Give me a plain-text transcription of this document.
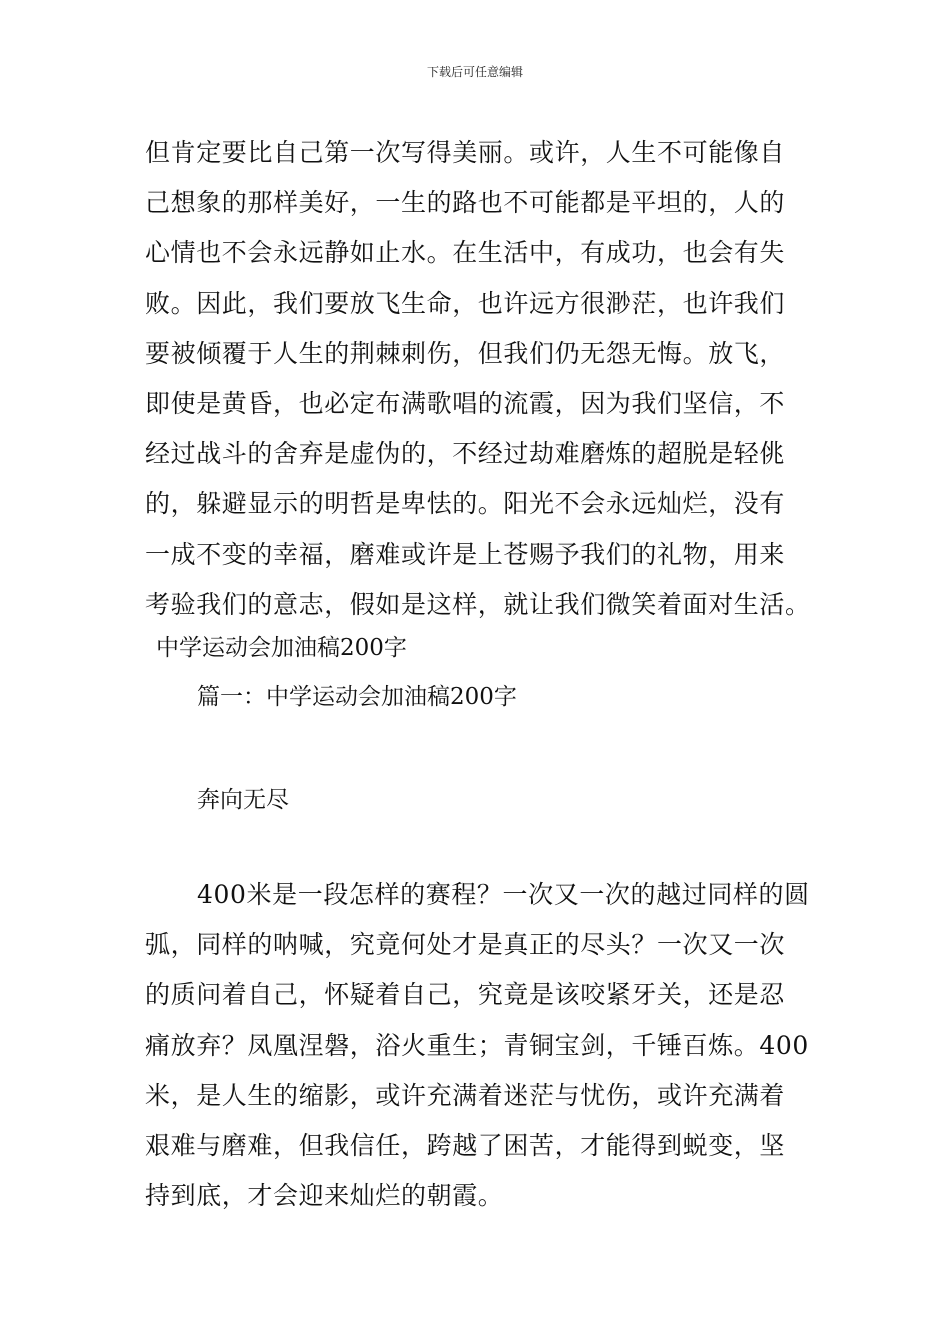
下载后可任意编辑
但肯定要比自己第一次写得美丽。或许，人生不可能像自
己想象的那样美好，一生的路也不可能都是平坦的，人的
心情也不会永远静如止水。在生活中，有成功，也会有失
败。因此，我们要放飞生命，也许远方很渺茫，也许我们
要被倾覆于人生的荆棘刺伤，但我们仍无怨无悔。放飞，
即使是黄昏，也必定布满歌唱的流霞，因为我们坚信，不
经过战斗的舍弃是虚伪的，不经过劫难磨炼的超脱是轻佻
的，躲避显示的明哲是卑怯的。阳光不会永远灿烂，没有
一成不变的幸福，磨难或许是上苍赐予我们的礼物，用来
考验我们的意志，假如是这样，就让我们微笑着面对生活。
中学运动会加油稿200字
篇一：中学运动会加油稿200字
奔向无尽
400米是一段怎样的赛程？一次又一次的越过同样的圆
弧，同样的呐喊，究竟何处才是真正的尽头？一次又一次
的质问着自己，怀疑着自己，究竟是该咬紧牙关，还是忍
痛放弃？凤凰涅磐，浴火重生；青铜宝剑，千锤百炼。400
米，是人生的缩影，或许充满着迷茫与忧伤，或许充满着
艰难与磨难，但我信任，跨越了困苦，才能得到蜕变，坚
持到底，才会迎来灿烂的朝霞。
